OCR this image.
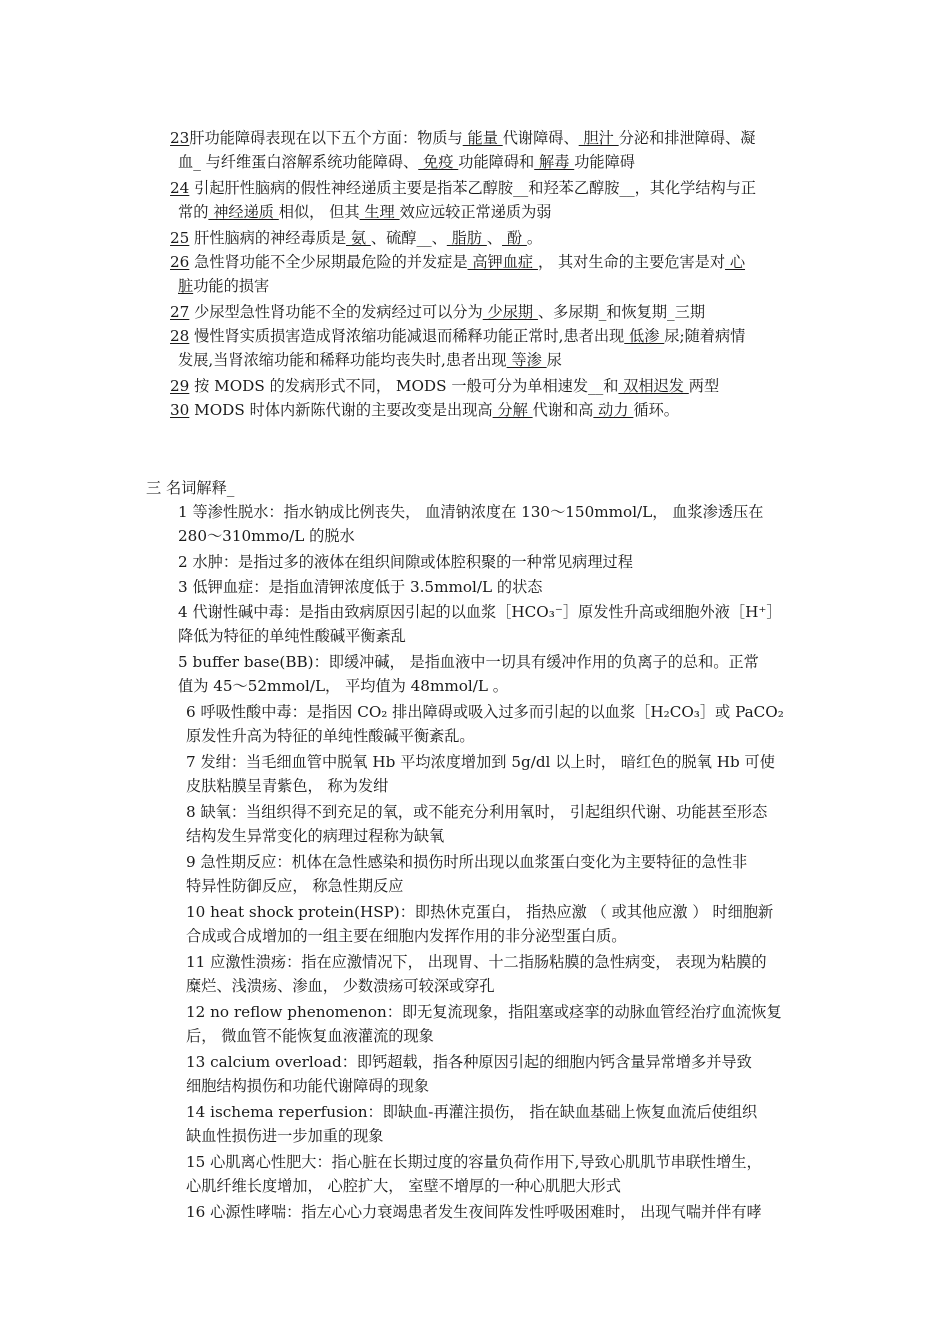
23肝功能障碍表现在以下五个方面：物质与 能量 代谢障碍、 胆汁 分泌和排泄障碍、凝
血_ 与纤维蛋白溶解系统功能障碍、 免疫 功能障碍和 解毒 功能障碍
24 引起肝性脑病的假性神经递质主要是指苯乙醇胺__和羟苯乙醇胺__，其化学结构与正
常的 神经递质 相似， 但其 生理 效应远较正常递质为弱
25 肝性脑病的神经毒质是 氨 、硫醇__、 脂肪 、 酚 。
26 急性肾功能不全少尿期最危险的并发症是 高钾血症 ， 其对生命的主要危害是对 心
脏功能的损害
27 少尿型急性肾功能不全的发病经过可以分为 少尿期 、多尿期_和恢复期_三期
28 慢性肾实质损害造成肾浓缩功能减退而稀释功能正常时,患者出现 低渗 尿;随着病情
发展,当肾浓缩功能和稀释功能均丧失时,患者出现 等渗 尿
29 按 MODS 的发病形式不同， MODS 一般可分为单相速发__和 双相迟发 两型
30 MODS 时体内新陈代谢的主要改变是出现高 分解 代谢和高 动力 循环。
三 名词解释_
1 等渗性脱水：指水钠成比例丧失， 血清钠浓度在 130～150mmol/L， 血浆渗透压在
280～310mmo/L 的脱水
2 水肿：是指过多的液体在组织间隙或体腔积聚的一种常见病理过程
3 低钾血症：是指血清钾浓度低于 3.5mmol/L 的状态
4 代谢性碱中毒：是指由致病原因引起的以血浆［HCO₃⁻］原发性升高或细胞外液［H⁺］
降低为特征的单纯性酸碱平衡紊乱
5 buffer base(BB)：即缓冲碱， 是指血液中一切具有缓冲作用的负离子的总和。正常
值为 45～52mmol/L， 平均值为 48mmol/L 。
6 呼吸性酸中毒：是指因 CO₂ 排出障碍或吸入过多而引起的以血浆［H₂CO₃］或 PaCO₂
原发性升高为特征的单纯性酸碱平衡紊乱。
7 发绀：当毛细血管中脱氧 Hb 平均浓度增加到 5g/dl 以上时， 暗红色的脱氧 Hb 可使
皮肤粘膜呈青紫色， 称为发绀
8 缺氧：当组织得不到充足的氧，或不能充分利用氧时， 引起组织代谢、功能甚至形态
结构发生异常变化的病理过程称为缺氧
9 急性期反应：机体在急性感染和损伤时所出现以血浆蛋白变化为主要特征的急性非
特异性防御反应， 称急性期反应
10 heat shock protein(HSP)：即热休克蛋白， 指热应激 （ 或其他应激 ） 时细胞新
合成或合成增加的一组主要在细胞内发挥作用的非分泌型蛋白质。
11 应激性溃疡：指在应激情况下， 出现胃、十二指肠粘膜的急性病变， 表现为粘膜的
糜烂、浅溃疡、渗血， 少数溃疡可较深或穿孔
12 no reflow phenomenon：即无复流现象，指阻塞或痉挛的动脉血管经治疗血流恢复
后， 微血管不能恢复血液灌流的现象
13 calcium overload：即钙超载，指各种原因引起的细胞内钙含量异常增多并导致
细胞结构损伤和功能代谢障碍的现象
14 ischema reperfusion：即缺血-再灌注损伤， 指在缺血基础上恢复血流后使组织
缺血性损伤进一步加重的现象
15 心肌离心性肥大：指心脏在长期过度的容量负荷作用下,导致心肌肌节串联性增生，
心肌纤维长度增加， 心腔扩大， 室壁不增厚的一种心肌肥大形式
16 心源性哮喘：指左心心力衰竭患者发生夜间阵发性呼吸困难时， 出现气喘并伴有哮
